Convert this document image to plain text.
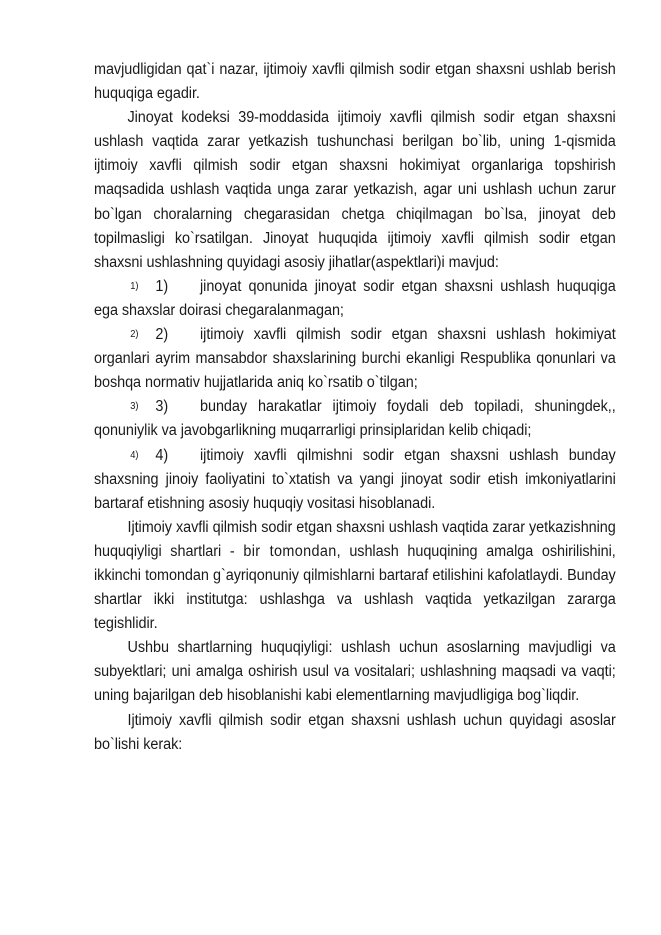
mavjudligidan qat`i nazar, ijtimoiy xavfli qilmish sodir etgan shaxsni ushlab berish huquqiga egadir.

Jinoyat kodeksi 39-moddasida ijtimoiy xavfli qilmish sodir etgan shaxsni ushlash vaqtida zarar yetkazish tushunchasi berilgan bo`lib, uning 1-qismida ijtimoiy xavfli qilmish sodir etgan shaxsni hokimiyat organlariga topshirish maqsadida ushlash vaqtida unga zarar yetkazish, agar uni ushlash uchun zarur bo`lgan choralarning chegarasidan chetga chiqilmagan bo`lsa, jinoyat deb topilmasligi ko`rsatilgan. Jinoyat huquqida ijtimoiy xavfli qilmish sodir etgan shaxsni ushlashning quyidagi asosiy jihatlar(aspektlari)i mavjud:

1) 1) jinoyat qonunida jinoyat sodir etgan shaxsni ushlash huquqiga ega shaxslar doirasi chegaralanmagan;

2) 2) ijtimoiy xavfli qilmish sodir etgan shaxsni ushlash hokimiyat organlari ayrim mansabdor shaxslarining burchi ekanligi Respublika qonunlari va boshqa normativ hujjatlarida aniq ko`rsatib o`tilgan;

3) 3) bunday harakatlar ijtimoiy foydali deb topiladi, shuningdek,, qonuniylik va javobgarlikning muqarrarligi prinsiplaridan kelib chiqadi;

4) 4) ijtimoiy xavfli qilmishni sodir etgan shaxsni ushlash bunday shaxsning jinoiy faoliyatini to`xtatish va yangi jinoyat sodir etish imkoniyatlarini bartaraf etishning asosiy huquqiy vositasi hisoblanadi.

Ijtimoiy xavfli qilmish sodir etgan shaxsni ushlash vaqtida zarar yetkazishning huquqiyligi shartlari - bir tomondan, ushlash huquqining amalga oshirilishini, ikkinchi tomondan g`ayriqonuniy qilmishlarni bartaraf etilishini kafolatlaydi. Bunday shartlar ikki institutga: ushlashga va ushlash vaqtida yetkazilgan zararga tegishlidir.

Ushbu shartlarning huquqiyligi: ushlash uchun asoslarning mavjudligi va subyektlari; uni amalga oshirish usul va vositalari; ushlashning maqsadi va vaqti; uning bajarilgan deb hisoblanishi kabi elementlarning mavjudligiga bog`liqdir.

Ijtimoiy xavfli qilmish sodir etgan shaxsni ushlash uchun quyidagi asoslar bo`lishi kerak:
